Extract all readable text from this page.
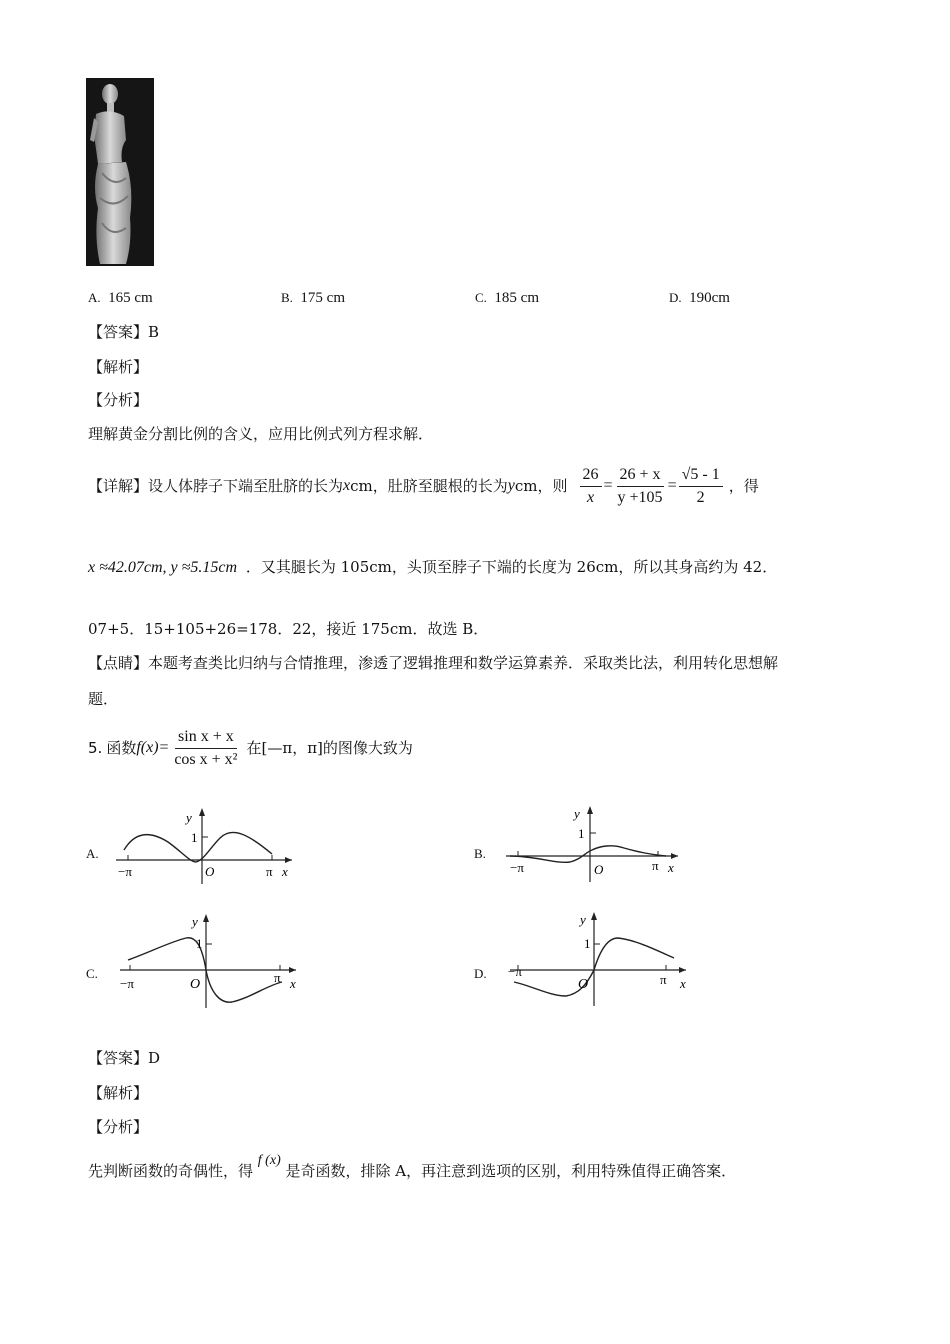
A. 165 cm	B. 175 cm	C. 185 cm	D. 190cm
【答案】B
【解析】
【分析】
理解黄金分割比例的含义，应用比例式列方程求解．
【详解】设人体脖子下端至肚脐的长为 x cm，肚脐至腿根的长为 y cm，则 $\frac{26}{x} = \frac{26 + x}{y +105} = \frac{√5 - 1}{2}$ ，得
x ≈42.07cm, y ≈5.15cm ．又其腿长为 105cm，头顶至脖子下端的长度为 26cm，所以其身高约为 42．
07+5．15+105+26=178．22，接近 175cm．故选 B．
【点睛】本题考查类比归纳与合情推理，渗透了逻辑推理和数学运算素养．采取类比法，利用转化思想解
题．
5. 函数 $f(x)= \frac{\text{sin x + x}}{\text{cos x + x²}}$ 在[—π，π]的图像大致为
A.
y
1
O
−π	π x
B.
y
1
O
−π	π x
C.
y
1
O
−π	π x
D.
y
1
O
−π
π x
【答案】D
【解析】
【分析】
先判断函数的奇偶性，得 f (x) 是奇函数，排除 A，再注意到选项的区别，利用特殊值得正确答案．
